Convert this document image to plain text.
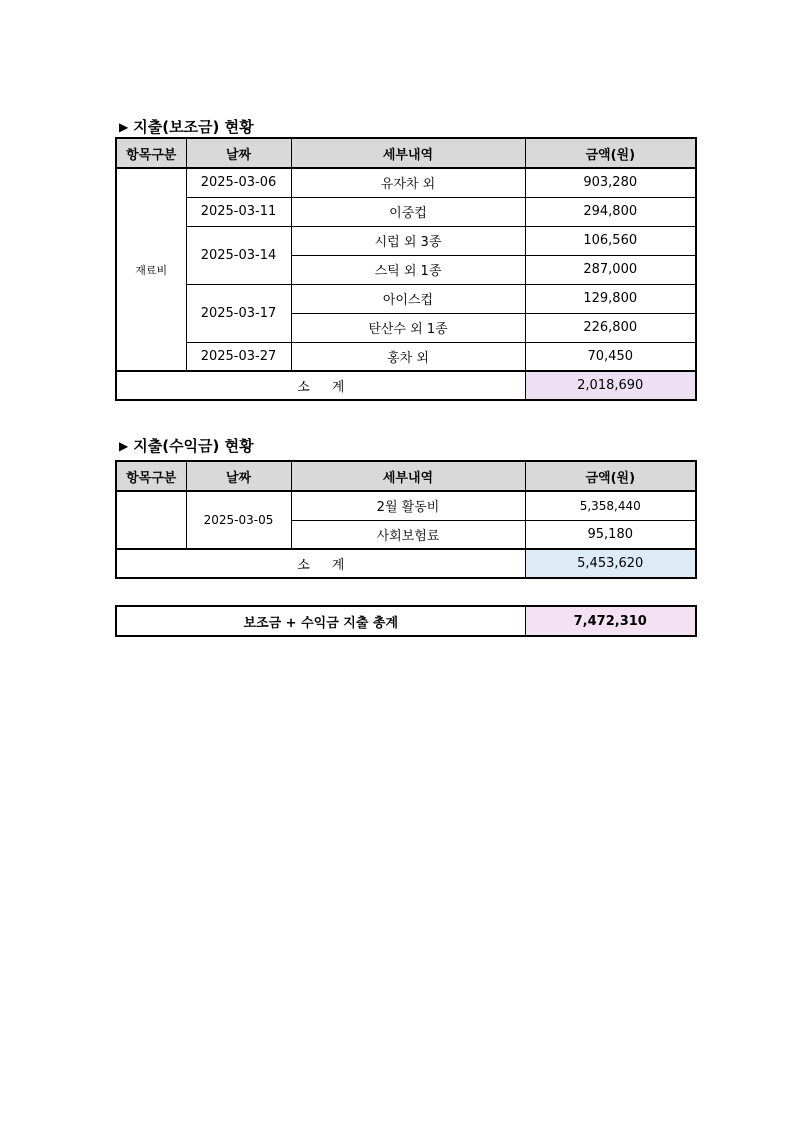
▶ 지출(보조금) 현황
항목구분	날짜	세부내역	금액(원)
재료비	2025-03-06	유자차 외	903,280
	2025-03-11	이중컵	294,800
	2025-03-14	시럽 외 3종	106,560
		스틱 외 1종	287,000
	2025-03-17	아이스컵	129,800
		탄산수 외 1종	226,800
	2025-03-27	홍차 외	70,450
소 계			2,018,690
▶ 지출(수익금) 현황
항목구분	날짜	세부내역	금액(원)
	2025-03-05	2월 활동비	5,358,440
		사회보험료	95,180
소 계			5,453,620
보조금 + 수익금 지출 총계	7,472,310
